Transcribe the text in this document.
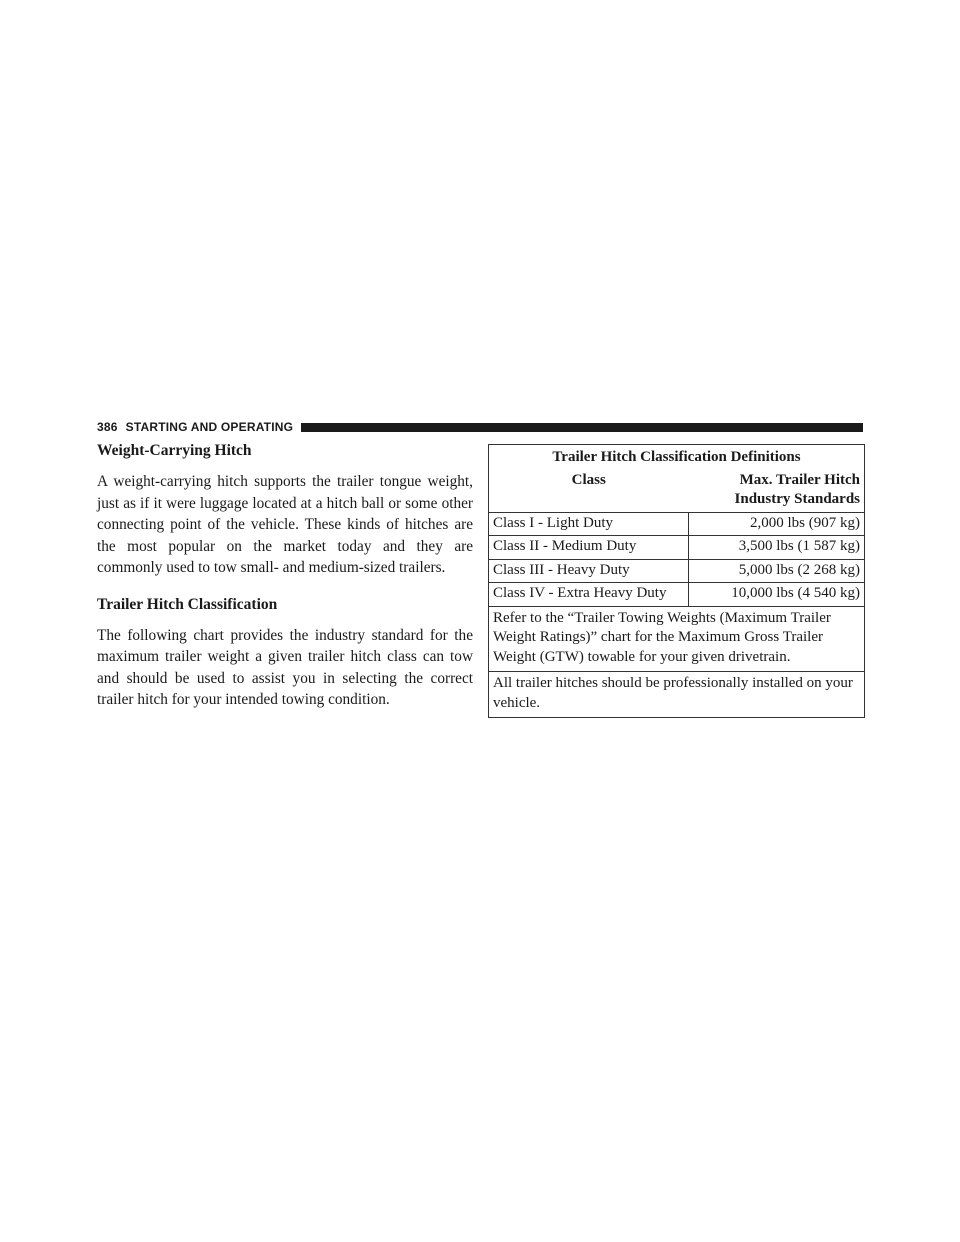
386 STARTING AND OPERATING
Weight-Carrying Hitch

A weight-carrying hitch supports the trailer tongue weight, just as if it were luggage located at a hitch ball or some other connecting point of the vehicle. These kinds of hitches are the most popular on the market today and they are commonly used to tow small- and medium-sized trailers.

Trailer Hitch Classification

The following chart provides the industry standard for the maximum trailer weight a given trailer hitch class can tow and should be used to assist you in selecting the correct trailer hitch for your intended towing condition.

Trailer Hitch Classification Definitions	
Class	Max. Trailer Hitch
Industry Standards
Class I - Light Duty	2,000 lbs (907 kg)
Class II - Medium Duty	3,500 lbs (1 587 kg)
Class III - Heavy Duty	5,000 lbs (2 268 kg)
Class IV - Extra Heavy Duty	10,000 lbs (4 540 kg)
Refer to the “Trailer Towing Weights (Maximum Trailer Weight Ratings)” chart for the Maximum Gross Trailer Weight (GTW) towable for your given drivetrain.	
All trailer hitches should be professionally installed on your vehicle.	
